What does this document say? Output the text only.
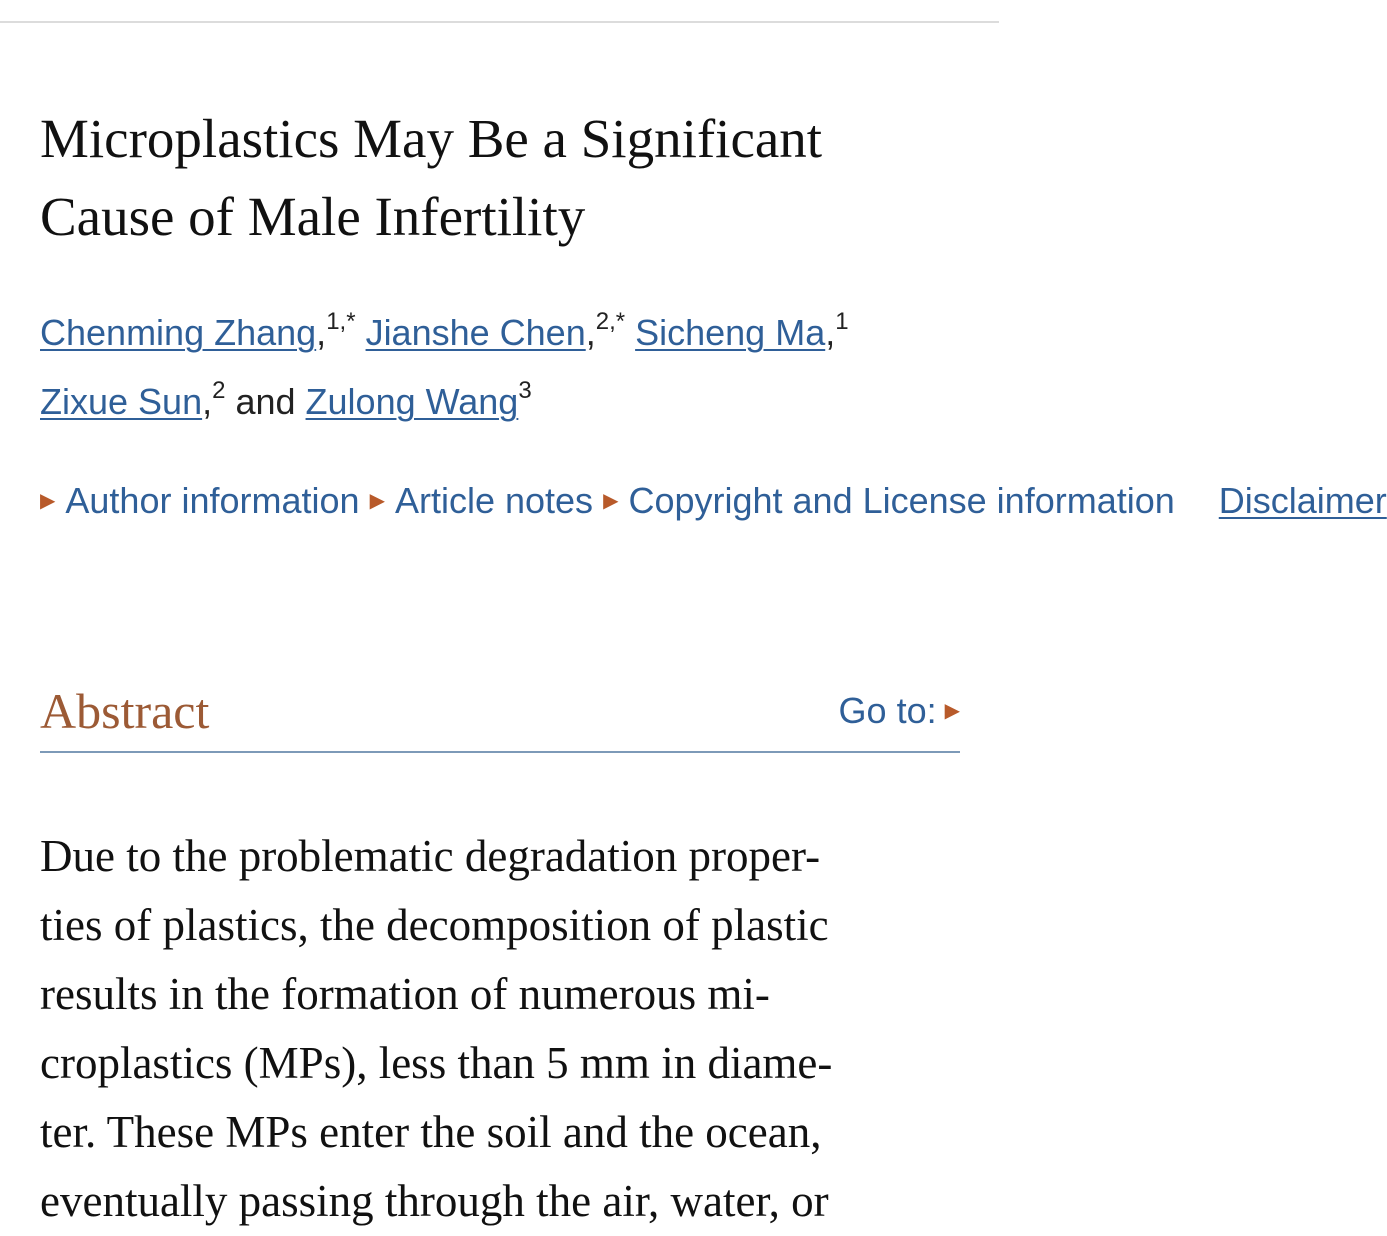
Microplastics May Be a Significant Cause of Male Infertility
Chenming Zhang,$^{1,*}$ Jianshe Chen,$^{2,*}$ Sicheng Ma,$^1$
Zixue Sun,$^2$ and Zulong Wang$^3$
▶ Author information ▶ Article notes ▶ Copyright and License information Disclaimer
Abstract	Go to: ▶
Due to the problematic degradation proper-
ties of plastics, the decomposition of plastic
results in the formation of numerous mi-
croplastics (MPs), less than 5 mm in diame-
ter. These MPs enter the soil and the ocean,
eventually passing through the air, water, or
